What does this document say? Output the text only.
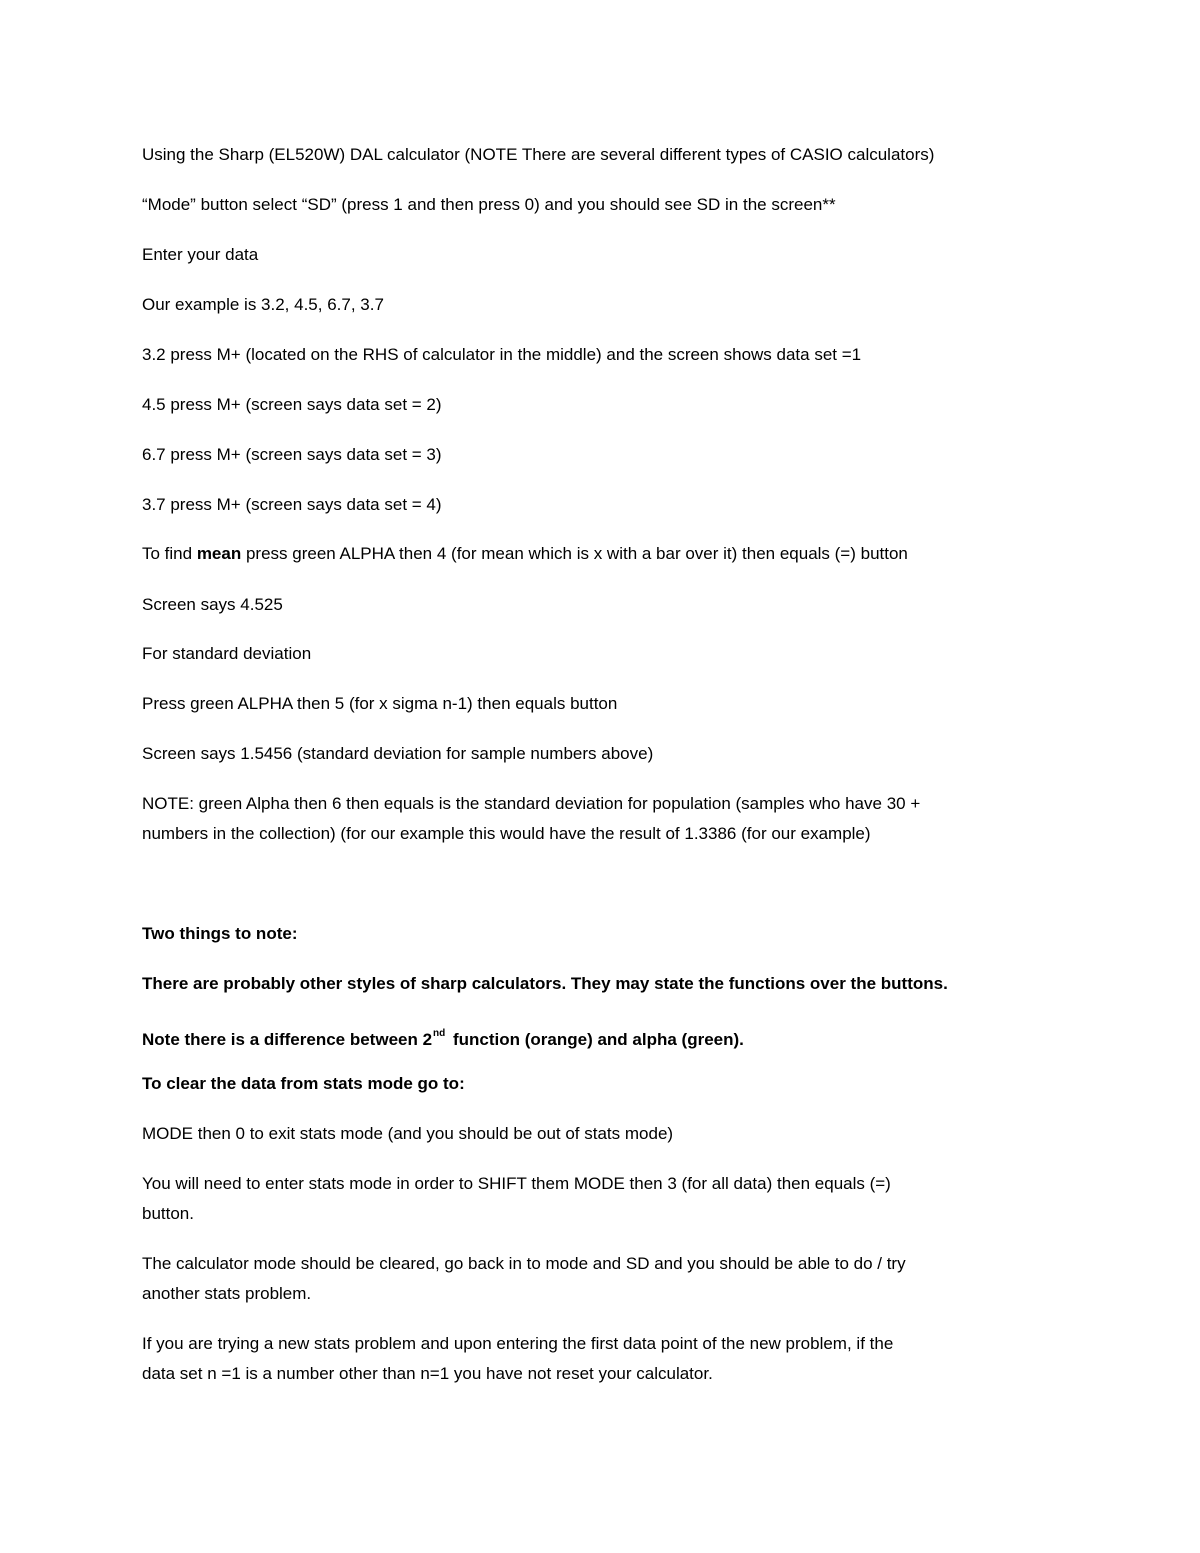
Using the Sharp (EL520W) DAL calculator (NOTE There are several different types of CASIO calculators)
“Mode” button select “SD” (press 1 and then press 0) and you should see SD in the screen**
Enter your data
Our example is 3.2, 4.5, 6.7, 3.7
3.2 press M+ (located on the RHS of calculator in the middle) and the screen shows data set =1
4.5 press M+ (screen says data set = 2)
6.7 press M+ (screen says data set = 3)
3.7 press M+ (screen says data set = 4)
To find mean press green ALPHA then 4 (for mean which is x with a bar over it) then equals (=) button
Screen says 4.525
For standard deviation
Press green ALPHA then 5 (for x sigma n-1) then equals button
Screen says 1.5456 (standard deviation for sample numbers above)
NOTE: green Alpha then 6 then equals is the standard deviation for population (samples who have 30 +
numbers in the collection) (for our example this would have the result of 1.3386 (for our example)
Two things to note:
There are probably other styles of sharp calculators. They may state the functions over the buttons.
Note there is a difference between 2nd function (orange) and alpha (green).
To clear the data from stats mode go to:
MODE then 0 to exit stats mode (and you should be out of stats mode)
You will need to enter stats mode in order to SHIFT them MODE then 3 (for all data) then equals (=)
button.
The calculator mode should be cleared, go back in to mode and SD and you should be able to do / try
another stats problem.
If you are trying a new stats problem and upon entering the first data point of the new problem, if the
data set n =1 is a number other than n=1 you have not reset your calculator.
